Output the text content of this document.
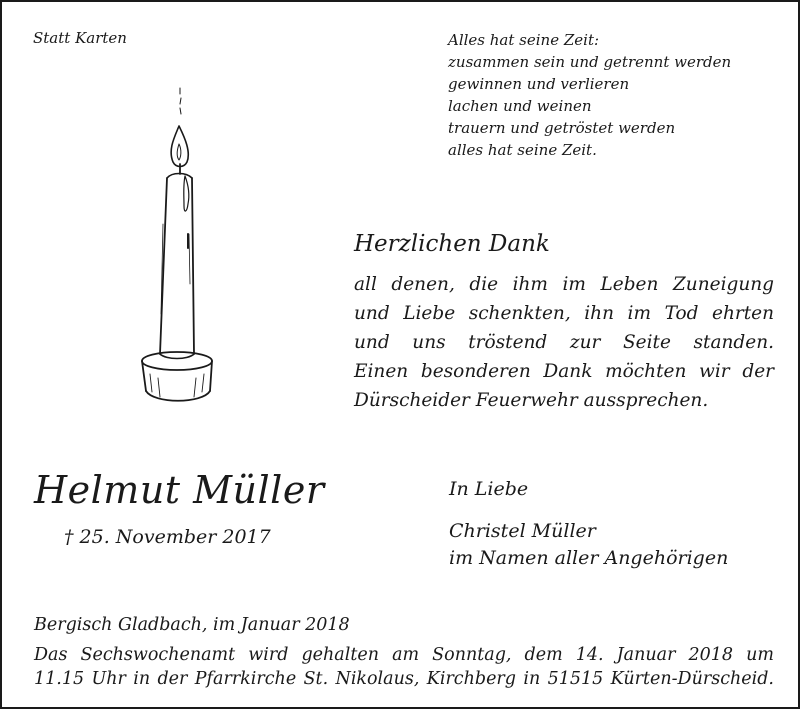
Statt Karten	Alles hat seine Zeit:
zusammen sein und getrennt werden
gewinnen und verlieren
lachen und weinen
trauern und getröstet werden
alles hat seine Zeit.
Herzlichen Dank
all denen, die ihm im Leben Zuneigung
und Liebe schenkten, ihn im Tod ehrten
und uns tröstend zur Seite standen.
Einen besonderen Dank möchten wir der
Dürscheider Feuerwehr aussprechen.
Helmut Müller
† 25. November 2017
In Liebe
Christel Müller
im Namen aller Angehörigen
Bergisch Gladbach, im Januar 2018
Das Sechswochenamt wird gehalten am Sonntag, dem 14. Januar 2018 um
11.15 Uhr in der Pfarrkirche St. Nikolaus, Kirchberg in 51515 Kürten-Dürscheid.
